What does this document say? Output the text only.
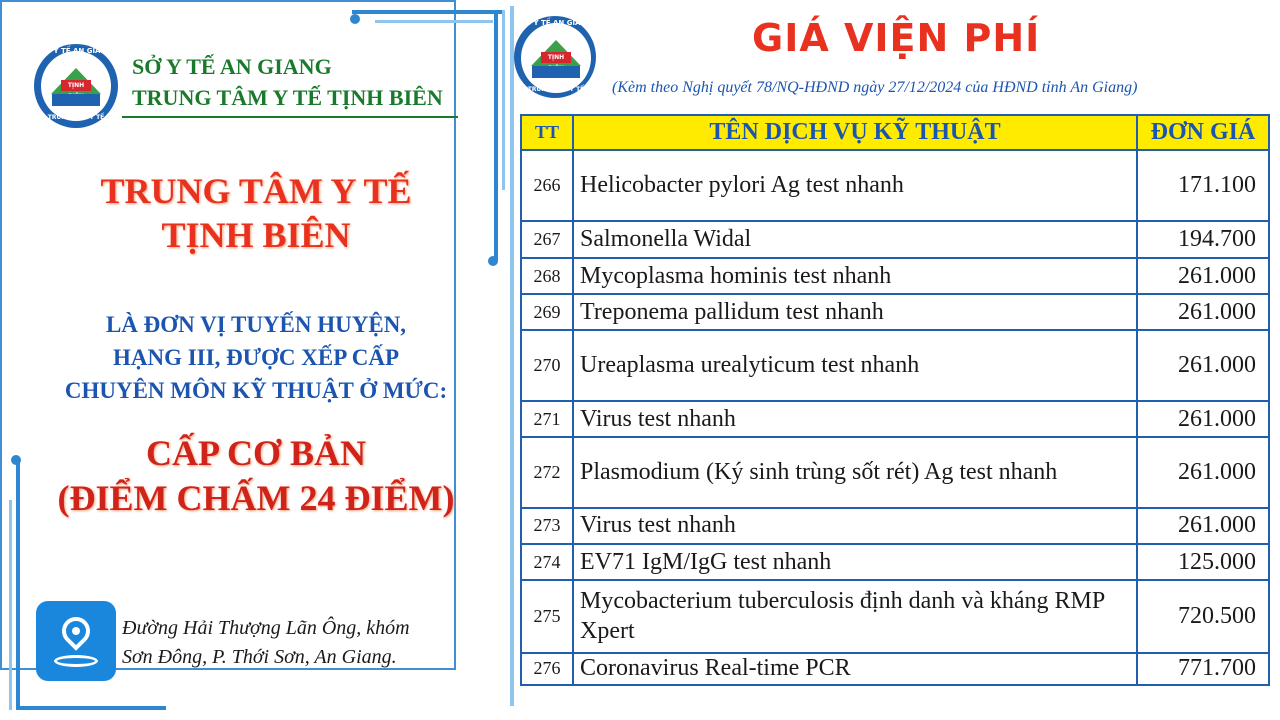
SỞ Y TẾ AN GIANG
TỊNH
TRUNG TÂM Y TẾ
SỞ Y TẾ AN GIANG
TRUNG TÂM Y TẾ TỊNH BIÊN
TRUNG TÂM Y TẾ
TỊNH BIÊN
LÀ ĐƠN VỊ TUYẾN HUYỆN,
HẠNG III, ĐƯỢC XẾP CẤP
CHUYÊN MÔN KỸ THUẬT Ở MỨC:
CẤP CƠ BẢN
(ĐIỂM CHẤM 24 ĐIỂM)
Đường Hải Thượng Lãn Ông, khóm
Sơn Đông, P. Thới Sơn, An Giang.
SỞ Y TẾ AN GIANG
TỊNH
TRUNG TÂM Y TẾ
GIÁ VIỆN PHÍ
(Kèm theo Nghị quyết 78/NQ-HĐND ngày 27/12/2024 của HĐND tỉnh An Giang)
TT	TÊN DỊCH VỤ KỸ THUẬT	ĐƠN GIÁ
266	Helicobacter pylori Ag test nhanh	171.100
267	Salmonella Widal	194.700
268	Mycoplasma hominis test nhanh	261.000
269	Treponema pallidum test nhanh	261.000
270	Ureaplasma urealyticum test nhanh	261.000
271	Virus test nhanh	261.000
272	Plasmodium (Ký sinh trùng sốt rét) Ag test nhanh	261.000
273	Virus test nhanh	261.000
274	EV71 IgM/IgG test nhanh	125.000
275	Mycobacterium tuberculosis định danh và kháng RMP Xpert	720.500
276	Coronavirus Real-time PCR	771.700
